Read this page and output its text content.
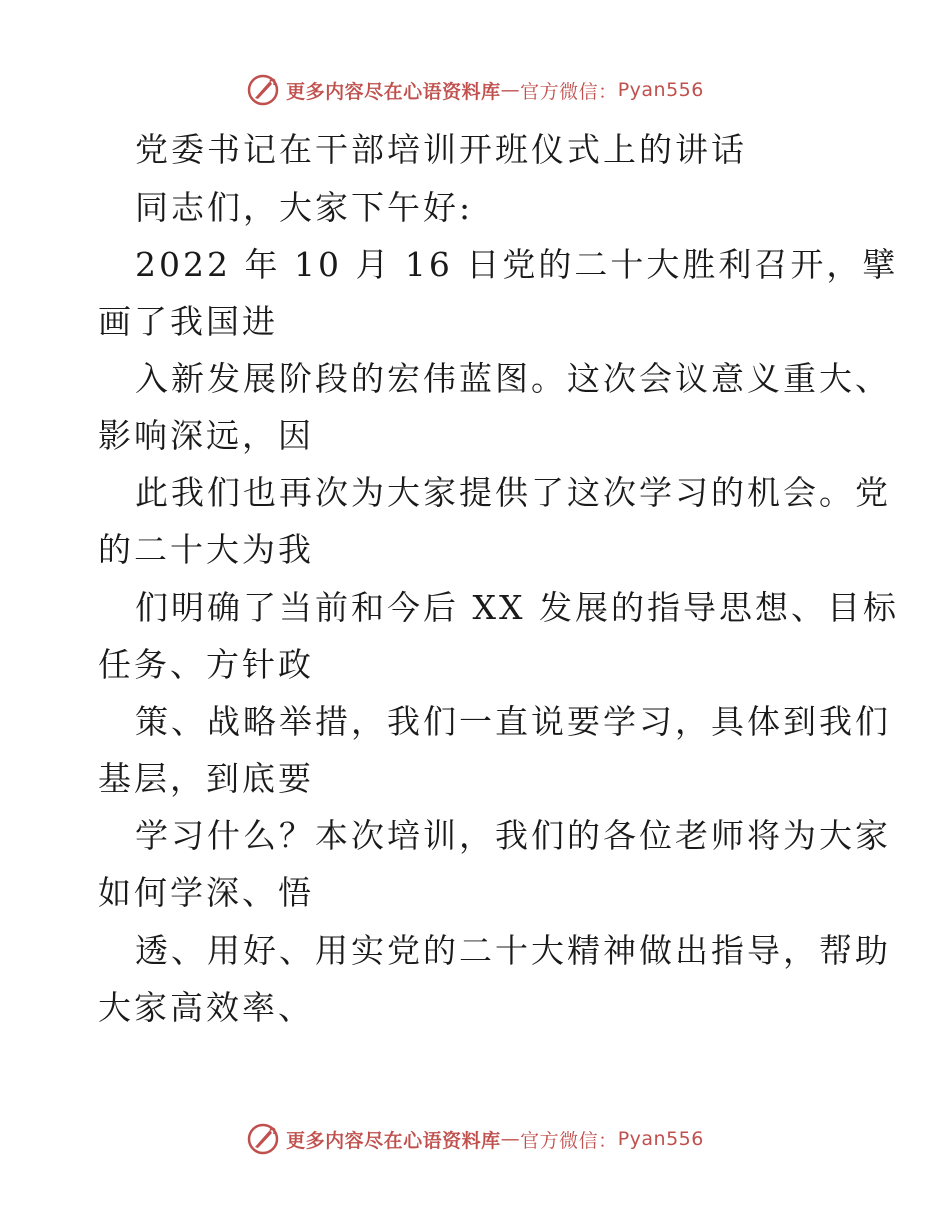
更多内容尽在心语资料库 — 官方微信： Pyan556
党委书记在干部培训开班仪式上的讲话
同志们，大家下午好:
2022 年 10 月 16 日党的二十大胜利召开，擘
画了我国进
入新发展阶段的宏伟蓝图。这次会议意义重大、
影响深远，因
此我们也再次为大家提供了这次学习的机会。党
的二十大为我
们明确了当前和今后 XX 发展的指导思想、目标
任务、方针政
策、战略举措，我们一直说要学习，具体到我们
基层，到底要
学习什么？本次培训，我们的各位老师将为大家
如何学深、悟
透、用好、用实党的二十大精神做出指导，帮助
大家高效率、
更多内容尽在心语资料库 — 官方微信： Pyan556
